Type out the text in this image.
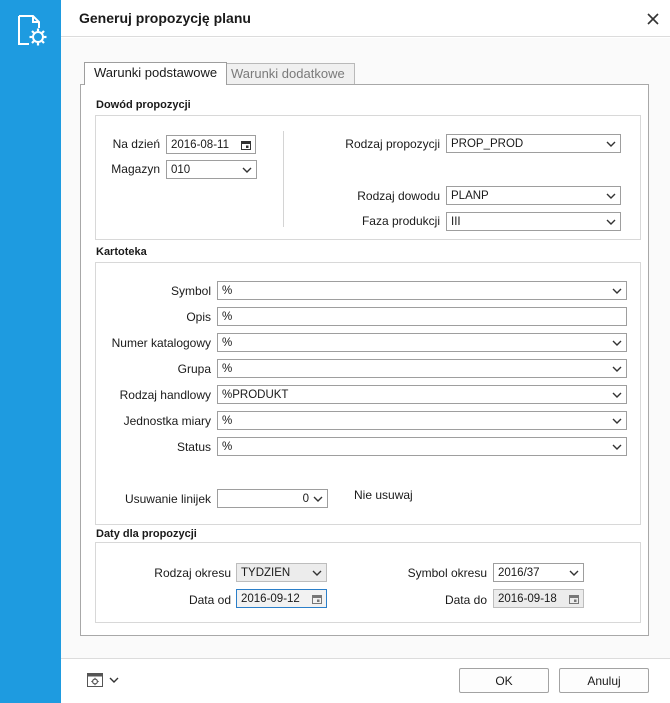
Generuj propozycję planu
Warunki podstawowe	Warunki dodatkowe
Dowód propozycji
Na dzień 2016-08-11
Magazyn 010
Rodzaj propozycji PROP_PROD
Rodzaj dowodu PLANP
Faza produkcji III
Kartoteka
Symbol %
Opis %
Numer katalogowy %
Grupa %
Rodzaj handlowy %PRODUKT
Jednostka miary %
Status %
Usuwanie linijek	0	Nie usuwaj
Daty dla propozycji
Rodzaj okresu TYDZIEN
Data od 2016-09-12
Symbol okresu 2016/37
Data do 2016-09-18
OK	Anuluj
